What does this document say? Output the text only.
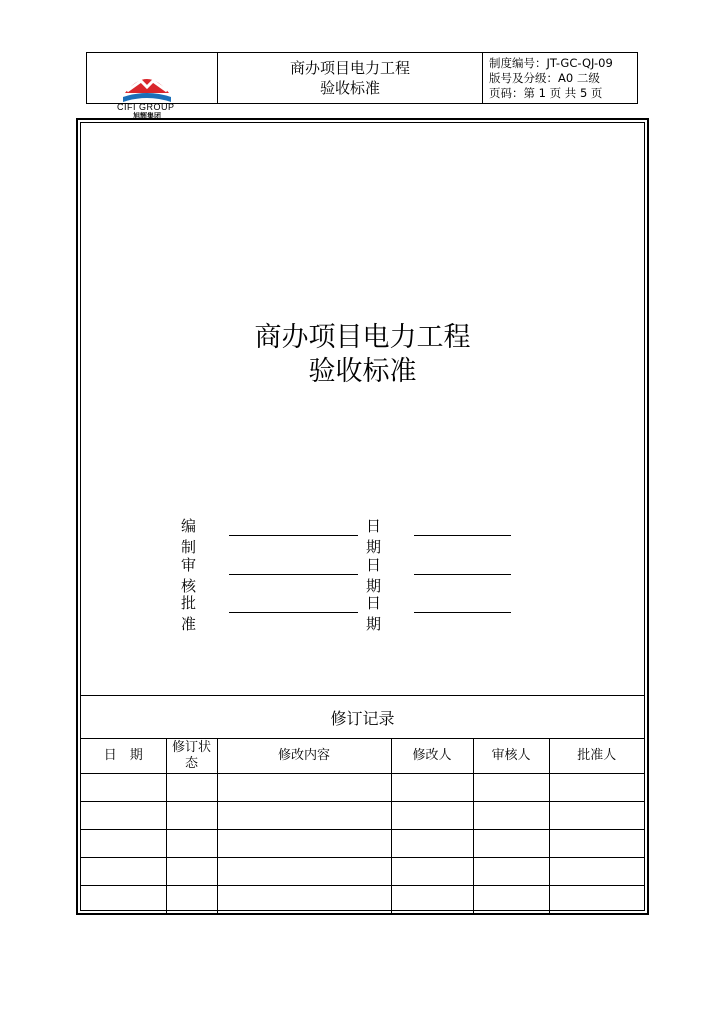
CIFI GROUP
旭辉集团
商办项目电力工程
验收标准
制度编号：JT-GC-QJ-09
版号及分级：A0 二级
页码：第 1 页 共 5 页
商办项目电力工程
验收标准
编制
日期
审核
日期
批准
日期
修订记录
日　期	修订状态	修改内容	修改人	审核人	批准人
